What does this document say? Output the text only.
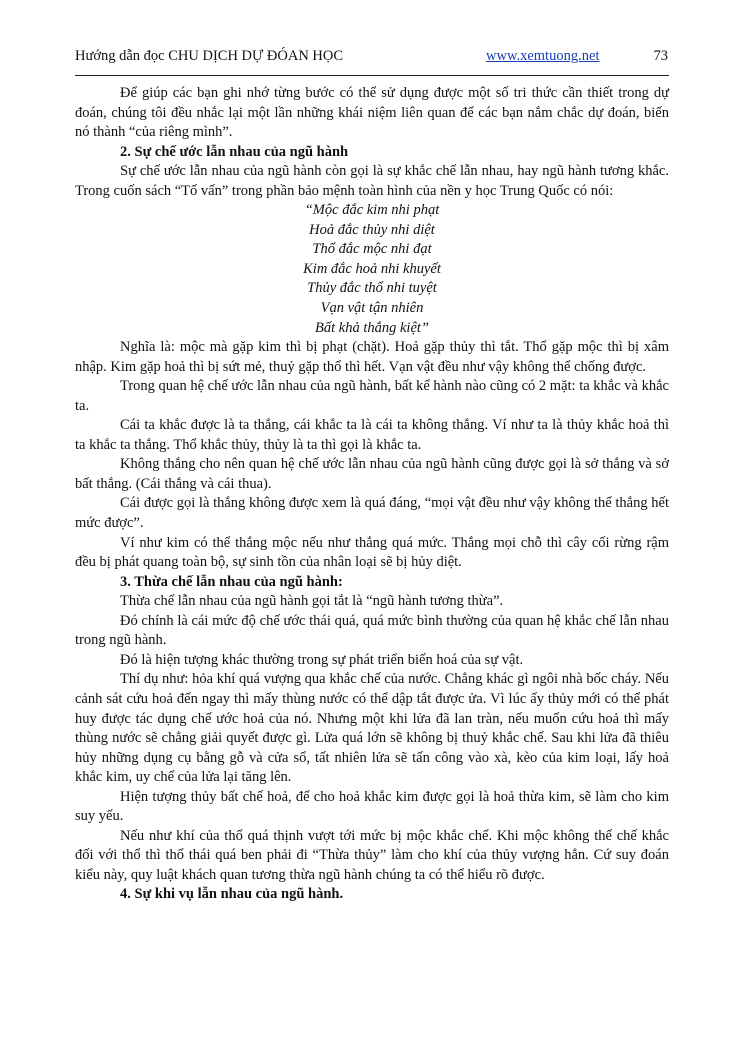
Hướng dẫn đọc CHU DỊCH DỰ ĐÓAN HỌC	www.xemtuong.net	73

Để giúp các bạn ghi nhớ từng bước có thể sử dụng được một số tri thức cần thiết trong dự đoán, chúng tôi đều nhắc lại một lần những khái niệm liên quan để các bạn nắm chắc dự đoán, biến nó thành “của riêng mình”.

2. Sự chế ước lẫn nhau của ngũ hành

Sự chế ước lẫn nhau của ngũ hành còn gọi là sự khắc chế lẫn nhau, hay ngũ hành tương khắc. Trong cuốn sách “Tố vấn” trong phần bảo mệnh toàn hình của nền y học Trung Quốc có nói:

“Mộc đắc kim nhi phạt
Hoả đắc thủy nhi diệt
Thổ đắc mộc nhi đạt
Kim đắc hoả nhi khuyết
Thủy đắc thổ nhi tuyệt
Vạn vật tận nhiên
Bất khả thắng kiệt”

Nghĩa là: mộc mà gặp kim thì bị phạt (chặt). Hoả gặp thủy thì tắt. Thổ gặp mộc thì bị xâm nhập. Kim gặp hoả thì bị sứt mẻ, thuỷ gặp thổ thì hết. Vạn vật đều như vậy không thể chống được.

Trong quan hệ chế ước lẫn nhau của ngũ hành, bất kể hành nào cũng có 2 mặt: ta khắc và khắc ta.

Cái ta khắc được là ta thắng, cái khắc ta là cái ta không thắng. Ví như ta là thủy khắc hoả thì ta khắc ta thắng. Thổ khắc thủy, thủy là ta thì gọi là khắc ta.

Không thắng cho nên quan hệ chế ước lẫn nhau của ngũ hành cũng được gọi là sở thắng và sở bất thắng. (Cái thắng và cái thua).

Cái được gọi là thắng không được xem là quá đáng, “mọi vật đều như vậy không thể thắng hết mức được”.

Ví như kim có thể thắng mộc nếu như thắng quá mức. Thắng mọi chỗ thì cây cối rừng rậm đều bị phát quang toàn bộ, sự sinh tồn của nhân loại sẽ bị hủy diệt.

3. Thừa chế lẫn nhau của ngũ hành:

Thừa chế lẫn nhau của ngũ hành gọi tắt là “ngũ hành tương thừa”.

Đó chính là cái mức độ chế ước thái quá, quá mức bình thường của quan hệ khắc chế lẫn nhau trong ngũ hành.

Đó là hiện tượng khác thường trong sự phát triển biến hoá của sự vật.

Thí dụ như: hỏa khí quá vượng qua khắc chế của nước. Chẳng khác gì ngôi nhà bốc cháy. Nếu cảnh sát cứu hoả đến ngay thì mấy thùng nước có thể dập tắt được ửa. Vì lúc ấy thủy mới có thể phát huy được tác dụng chế ước hoả của nó. Nhưng một khi lửa đã lan tràn, nếu muốn cứu hoả thì mấy thùng nước sẽ chẳng giải quyết được gì. Lửa quá lớn sẽ không bị thuỷ khắc chế. Sau khi lửa đã thiêu hủy những dụng cụ bằng gỗ và cửa sổ, tất nhiên lửa sẽ tấn công vào xà, kèo của kim loại, lấy hoả khắc kim, uy chế của lửa lại tăng lên.

Hiện tượng thủy bất chế hoả, để cho hoả khắc kim được gọi là hoả thừa kim, sẽ làm cho kim suy yếu.

Nếu như khí của thổ quá thịnh vượt tới mức bị mộc khắc chế. Khi mộc không thể chế khắc đối với thổ thì thổ thái quá ben phải đi “Thừa thủy” làm cho khí của thủy vượng hẳn. Cứ suy đoán kiểu này, quy luật khách quan tương thừa ngũ hành chúng ta có thể hiểu rõ được.

4. Sự khi vụ lẫn nhau của ngũ hành.
